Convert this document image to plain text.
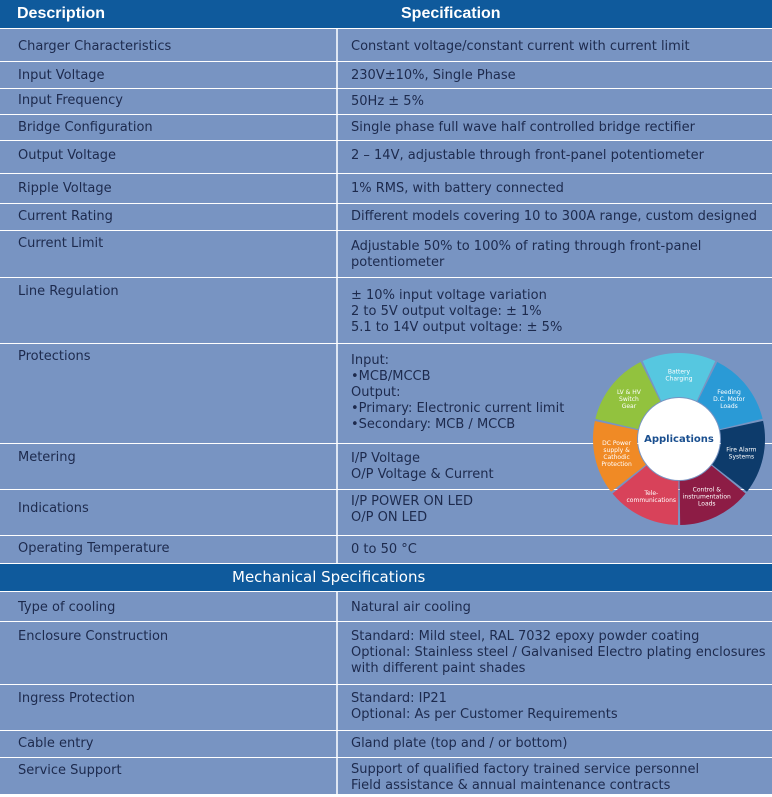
Description	Specification
Charger Characteristics	Constant voltage/constant current with current limit
Input Voltage	230V±10%, Single Phase
Input Frequency	50Hz ± 5%
Bridge Configuration	Single phase full wave half controlled bridge rectifier
Output Voltage	2 – 14V, adjustable through front-panel potentiometer
Ripple Voltage	1% RMS, with battery connected
Current Rating	Different models covering 10 to 300A range, custom designed
Current Limit	Adjustable 50% to 100% of rating through front-panel
potentiometer
Line Regulation	± 10% input voltage variation
2 to 5V output voltage: ± 1%
5.1 to 14V output voltage: ± 5%
Protections	Input:
•MCB/MCCB
Output:
•Primary: Electronic current limit
•Secondary: MCB / MCCB
Metering	I/P Voltage
O/P Voltage & Current
Indications	I/P POWER ON LED
O/P ON LED
Operating Temperature	0 to 50 °C
Mechanical Specifications
Type of cooling	Natural air cooling
Enclosure Construction	Standard: Mild steel, RAL 7032 epoxy powder coating
Optional: Stainless steel / Galvanised Electro plating enclosures
with different paint shades
Ingress Protection	Standard: IP21
Optional: As per Customer Requirements
Cable entry	Gland plate (top and / or bottom)
Service Support	Support of qualified factory trained service personnel
Field assistance & annual maintenance contracts
Applications
Battery Charging
Feeding D.C. Motor Loads
Fire Alarm Systems
Control & instrumentation Loads
Tele-communications
DC Power supply & Cathodic Protection
LV & HV Switch Gear
